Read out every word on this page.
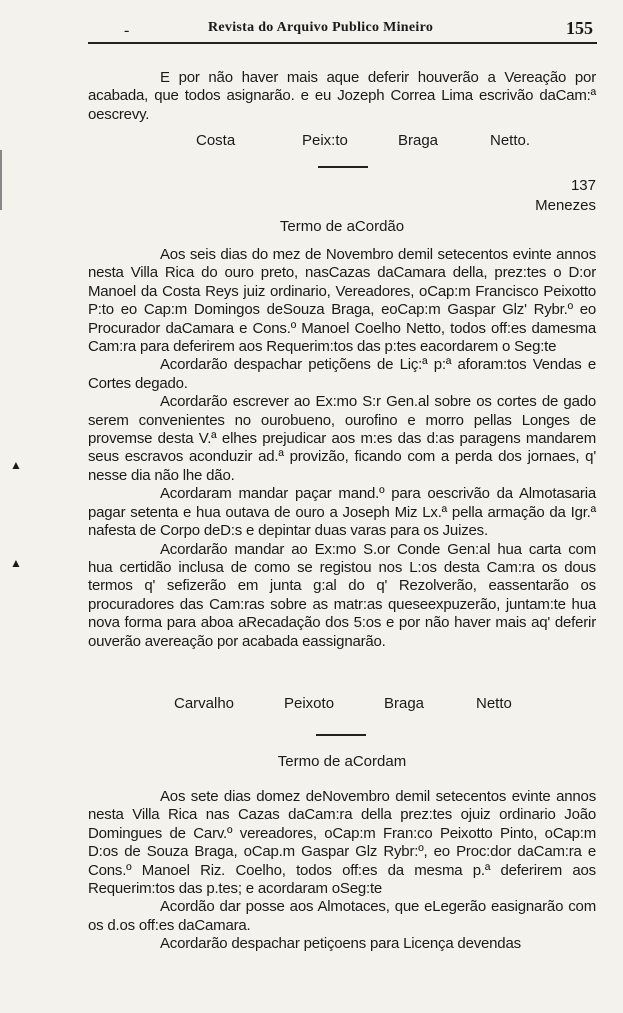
-	Revista do Arquivo Publico Mineiro	155

E por não haver mais aque deferir houverão a Vereação por acabada, que todos asignarão. e eu Jozeph Correa Lima escrivão daCam:ª oescrevy.

Costa	Peix:to	Braga	Netto.
137
Menezes
Termo de aCordão

Aos seis dias do mez de Novembro demil setecentos evinte annos nesta Villa Rica do ouro preto, nasCazas daCamara della, prez:tes o D:or Manoel da Costa Reys juiz ordinario, Vereadores, oCap:m Francisco Peixotto P:to eo Cap:m Domingos deSouza Braga, eoCap:m Gaspar Glz' Rybr.º eo Procurador daCamara e Cons.º Manoel Coelho Netto, todos off:es damesma Cam:ra para deferirem aos Requerim:tos das p:tes eacordarem o Seg:te

Acordarão despachar petiçõens de Liç:ª p:ª aforam:tos Vendas e Cortes degado.

Acordarão escrever ao Ex:mo S:r Gen.al sobre os cortes de gado serem convenientes no ourobueno, ourofino e morro pellas Longes de provemse desta V.ª elhes prejudicar aos m:es das d:as paragens mandarem seus escravos aconduzir ad.ª provizão, ficando com a perda dos jornaes, q' nesse dia não lhe dão.

Acordaram mandar paçar mand.º para oescrivão da Almotasaria pagar setenta e hua outava de ouro a Joseph Miz Lx.ª pella armação da Igr.ª nafesta de Corpo deD:s e depintar duas varas para os Juizes.

Acordarão mandar ao Ex:mo S.or Conde Gen:al hua carta com hua certidão inclusa de como se registou nos L:os desta Cam:ra os dous termos q' sefizerão em junta g:al do q' Rezolverão, eassentarão os procuradores das Cam:ras sobre as matr:as queseexpuzerão, juntam:te hua nova forma para aboa aRecadação dos 5:os e por não haver mais aq' deferir ouverão avereação por acabada eassignarão.

▲
▲
Carvalho	Peixoto	Braga	Netto
Termo de aCordam

Aos sete dias domez deNovembro demil setecentos evinte annos nesta Villa Rica nas Cazas daCam:ra della prez:tes ojuiz ordinario João Domingues de Carv.º vereadores, oCap:m Fran:co Peixotto Pinto, oCap:m D:os de Souza Braga, oCap.m Gaspar Glz Rybr:º, eo Proc:dor daCam:ra e Cons.º Manoel Riz. Coelho, todos off:es da mesma p.ª deferirem aos Requerim:tos das p.tes; e acordaram oSeg:te

Acordão dar posse aos Almotaces, que eLegerão easignarão com os d.os off:es daCamara.

Acordarão despachar petiçoens para Licença devendas
